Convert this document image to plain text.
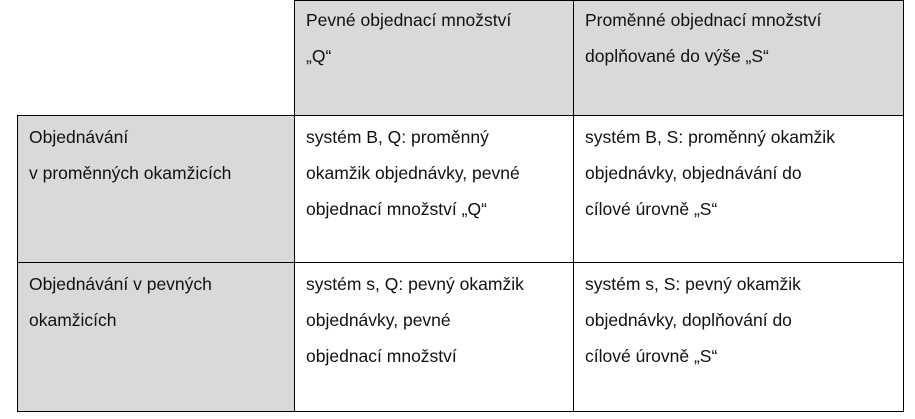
Pevné objednací množství
„Q“
Proměnné objednací množství
doplňované do výše „S“
Objednávání
v proměnných okamžicích
systém B, Q: proměnný
okamžik objednávky, pevné
objednací množství „Q“
systém B, S: proměnný okamžik
objednávky, objednávání do
cílové úrovně „S“
Objednávání v pevných
okamžicích
systém s, Q: pevný okamžik
objednávky, pevné
objednací množství
systém s, S: pevný okamžik
objednávky, doplňování do
cílové úrovně „S“
